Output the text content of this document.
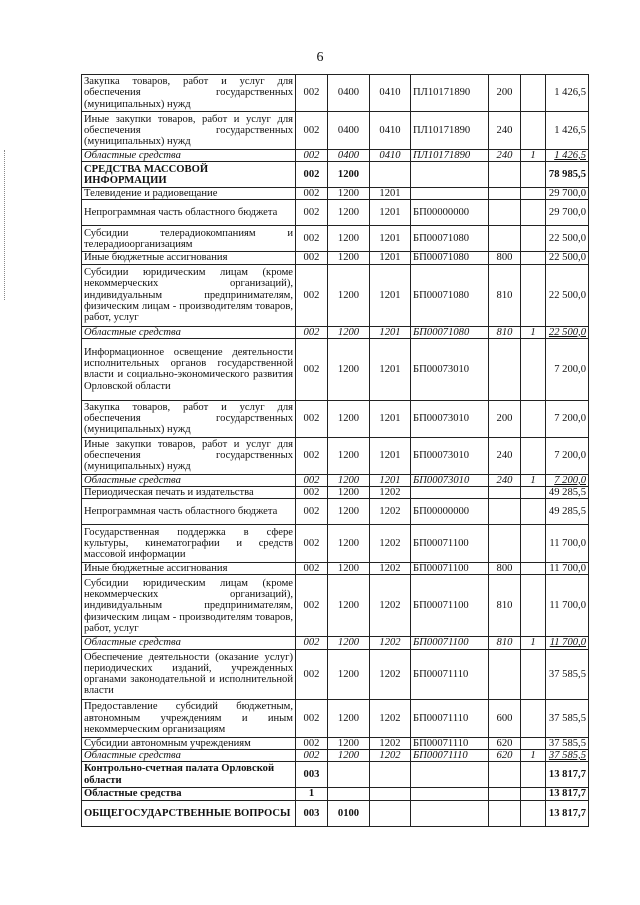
6
Закупка товаров, работ и услуг для обеспечения государственных (муниципальных) нужд	002	0400	0410	ПЛ10171890	200		1 426,5
Иные закупки товаров, работ и услуг для обеспечения государственных (муниципальных) нужд	002	0400	0410	ПЛ10171890	240		1 426,5
Областные средства	002	0400	0410	ПЛ10171890	240	1	1 426,5
СРЕДСТВА МАССОВОЙ ИНФОРМАЦИИ	002	1200					78 985,5
Телевидение и радиовещание	002	1200	1201				29 700,0
Непрограммная часть областного бюджета	002	1200	1201	БП00000000			29 700,0
Субсидии телерадиокомпаниям и телерадиоорганизациям	002	1200	1201	БП00071080			22 500,0
Иные бюджетные ассигнования	002	1200	1201	БП00071080	800		22 500,0
Субсидии юридическим лицам (кроме некоммерческих организаций), индивидуальным предпринимателям, физическим лицам - производителям товаров, работ, услуг	002	1200	1201	БП00071080	810		22 500,0
Областные средства	002	1200	1201	БП00071080	810	1	22 500,0
Информационное освещение деятельности исполнительных органов государственной власти и социально-экономического развития Орловской области	002	1200	1201	БП00073010			7 200,0
Закупка товаров, работ и услуг для обеспечения государственных (муниципальных) нужд	002	1200	1201	БП00073010	200		7 200,0
Иные закупки товаров, работ и услуг для обеспечения государственных (муниципальных) нужд	002	1200	1201	БП00073010	240		7 200,0
Областные средства	002	1200	1201	БП00073010	240	1	7 200,0
Периодическая печать и издательства	002	1200	1202				49 285,5
Непрограммная часть областного бюджета	002	1200	1202	БП00000000			49 285,5
Государственная поддержка в сфере культуры, кинематографии и средств массовой информации	002	1200	1202	БП00071100			11 700,0
Иные бюджетные ассигнования	002	1200	1202	БП00071100	800		11 700,0
Субсидии юридическим лицам (кроме некоммерческих организаций), индивидуальным предпринимателям, физическим лицам - производителям товаров, работ, услуг	002	1200	1202	БП00071100	810		11 700,0
Областные средства	002	1200	1202	БП00071100	810	1	11 700,0
Обеспечение деятельности (оказание услуг) периодических изданий, учрежденных органами законодательной и исполнительной власти	002	1200	1202	БП00071110			37 585,5
Предоставление субсидий бюджетным, автономным учреждениям и иным некоммерческим организациям	002	1200	1202	БП00071110	600		37 585,5
Субсидии автономным учреждениям	002	1200	1202	БП00071110	620		37 585,5
Областные средства	002	1200	1202	БП00071110	620	1	37 585,5
Контрольно-счетная палата Орловской области	003						13 817,7
Областные средства	1						13 817,7
ОБЩЕГОСУДАРСТВЕННЫЕ ВОПРОСЫ	003	0100					13 817,7
